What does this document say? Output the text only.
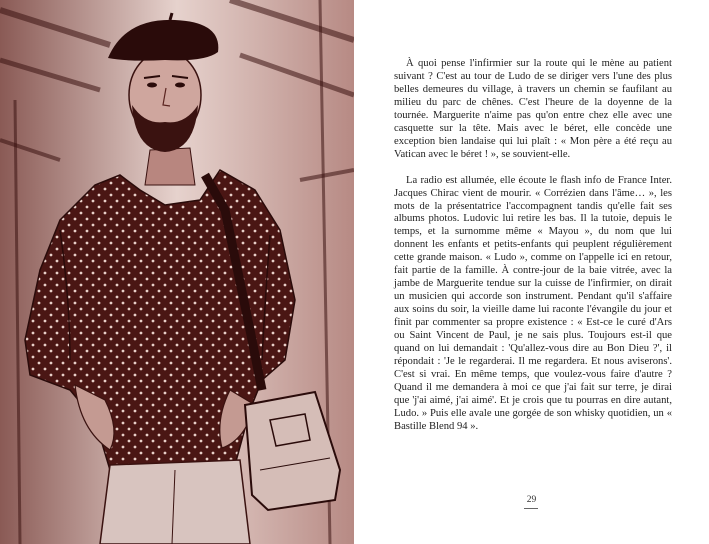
À quoi pense l'infirmier sur la route qui le mène au patient suivant ? C'est au tour de Ludo de se diriger vers l'une des plus belles demeures du village, à travers un chemin se faufilant au milieu du parc de chênes. C'est l'heure de la doyenne de la tournée. Marguerite n'aime pas qu'on entre chez elle avec une casquette sur la tête. Mais avec le béret, elle concède une exception bien landaise qui lui plaît : « Mon père a été reçu au Vatican avec le béret ! », se souvient-elle.

La radio est allumée, elle écoute le flash info de France Inter. Jacques Chirac vient de mourir. « Corrézien dans l'âme… », les mots de la présentatrice l'accompagnent tandis qu'elle fait ses albums photos. Ludovic lui retire les bas. Il la tutoie, depuis le temps, et la surnomme même « Mayou », du nom que lui donnent les enfants et petits-enfants qui peuplent régulièrement cette grande maison. « Ludo », comme on l'appelle ici en retour, fait partie de la famille. À contre-jour de la baie vitrée, avec la jambe de Marguerite tendue sur la cuisse de l'infirmier, on dirait un musicien qui accorde son instrument. Pendant qu'il s'affaire aux soins du soir, la vieille dame lui raconte l'évangile du jour et finit par commenter sa propre existence : « Est-ce le curé d'Ars ou Saint Vincent de Paul, je ne sais plus. Toujours est-il que quand on lui demandait : 'Qu'allez-vous dire au Bon Dieu ?', il répondait : 'Je le regarderai. Il me regardera. Et nous aviserons'. C'est si vrai. En même temps, que voulez-vous faire d'autre ? Quand il me demandera à moi ce que j'ai fait sur terre, je dirai que 'j'ai aimé, j'ai aimé'. Et je crois que tu pourras en dire autant, Ludo. » Puis elle avale une gorgée de son whisky quotidien, un « Bastille Blend 94 ».

29
